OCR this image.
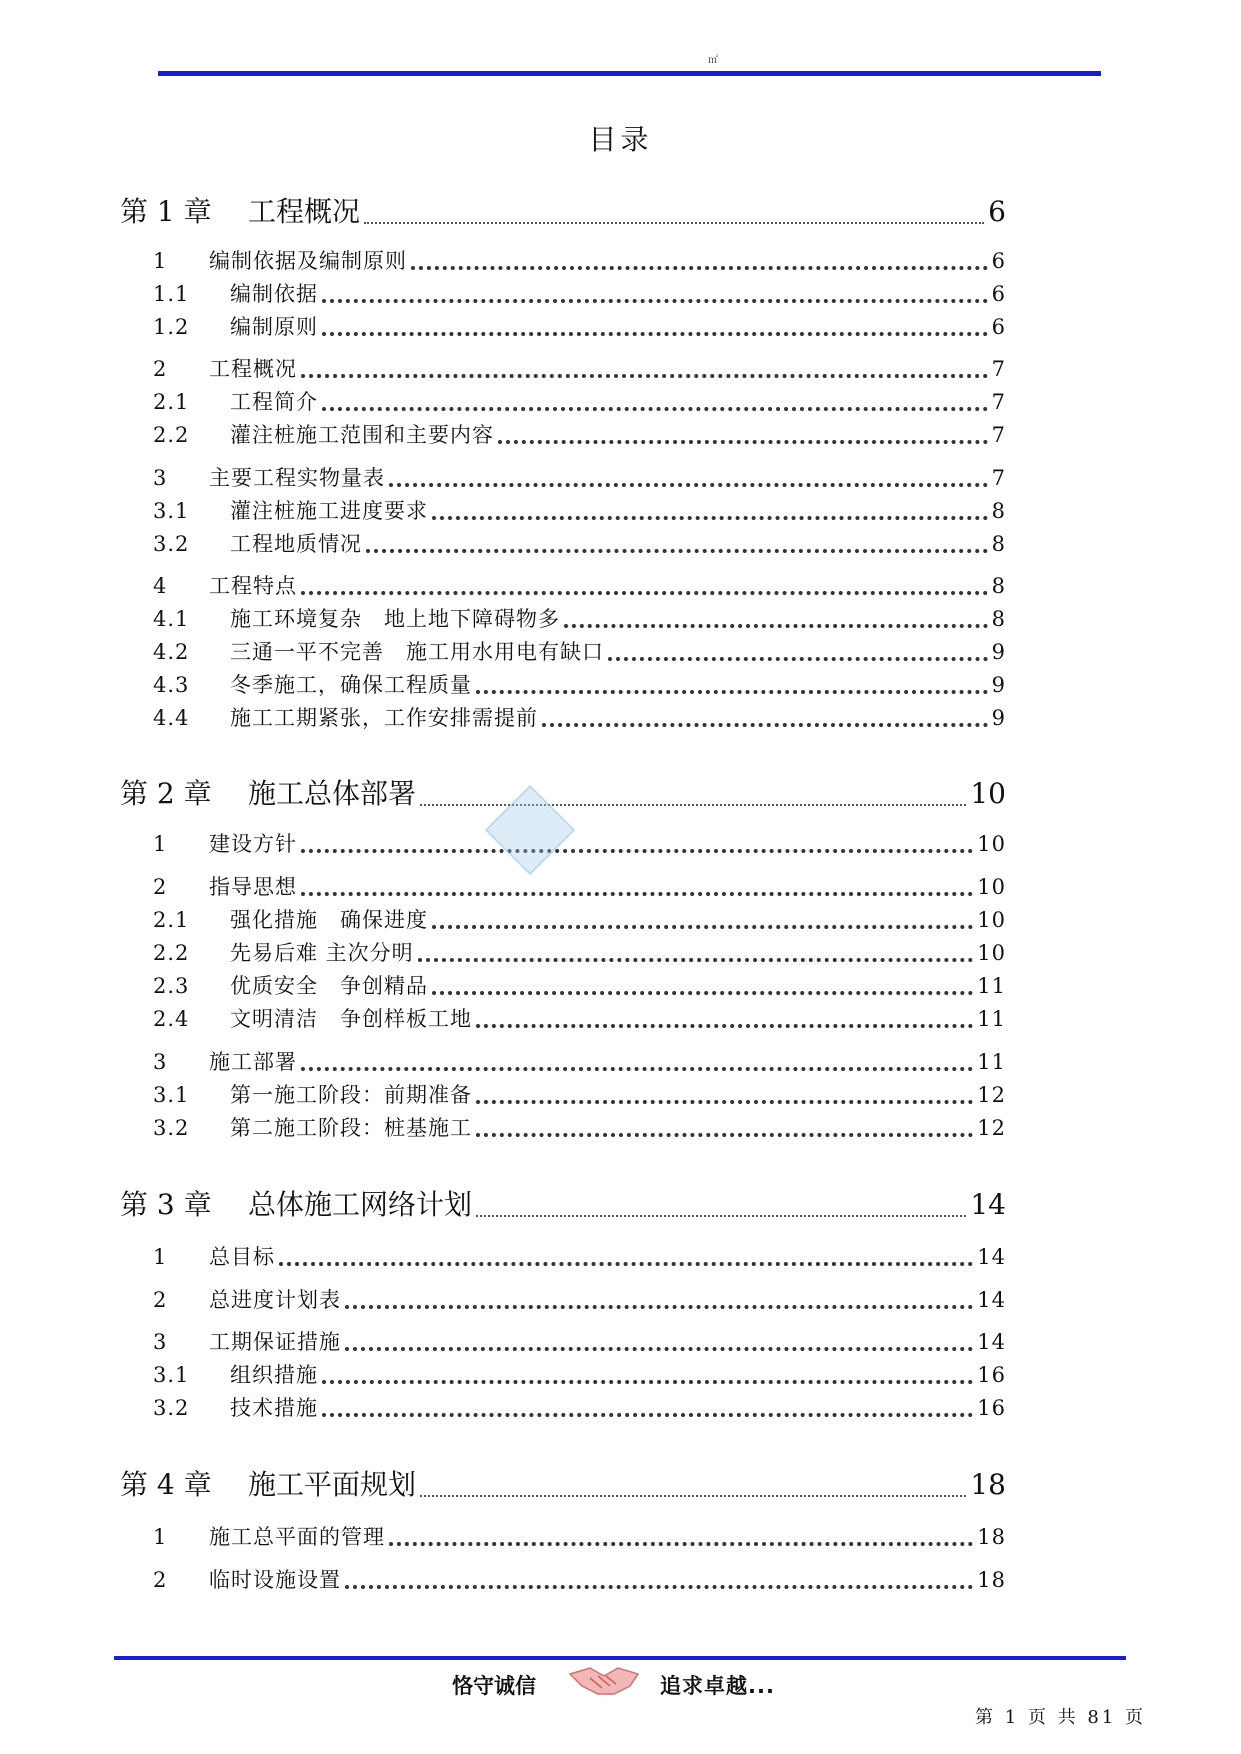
㎡
目录
第 1 章	工程概况	6
1	编制依据及编制原则	6
1.1	编制依据	6
1.2	编制原则	6
2	工程概况	7
2.1	工程简介	7
2.2	灌注桩施工范围和主要内容	7
3	主要工程实物量表	7
3.1	灌注桩施工进度要求	8
3.2	工程地质情况	8
4	工程特点	8
4.1	施工环境复杂　地上地下障碍物多	8
4.2	三通一平不完善　施工用水用电有缺口	9
4.3	冬季施工，确保工程质量	9
4.4	施工工期紧张，工作安排需提前	9
第 2 章	施工总体部署	10
1	建设方针	10
2	指导思想	10
2.1	强化措施　确保进度	10
2.2	先易后难 主次分明	10
2.3	优质安全　争创精品	11
2.4	文明清洁　争创样板工地	11
3	施工部署	11
3.1	第一施工阶段：前期准备	12
3.2	第二施工阶段：桩基施工	12
第 3 章	总体施工网络计划	14
1	总目标	14
2	总进度计划表	14
3	工期保证措施	14
3.1	组织措施	16
3.2	技术措施	16
第 4 章	施工平面规划	18
1	施工总平面的管理	18
2	临时设施设置	18
恪守诚信	追求卓越...
第 1 页 共 81 页
